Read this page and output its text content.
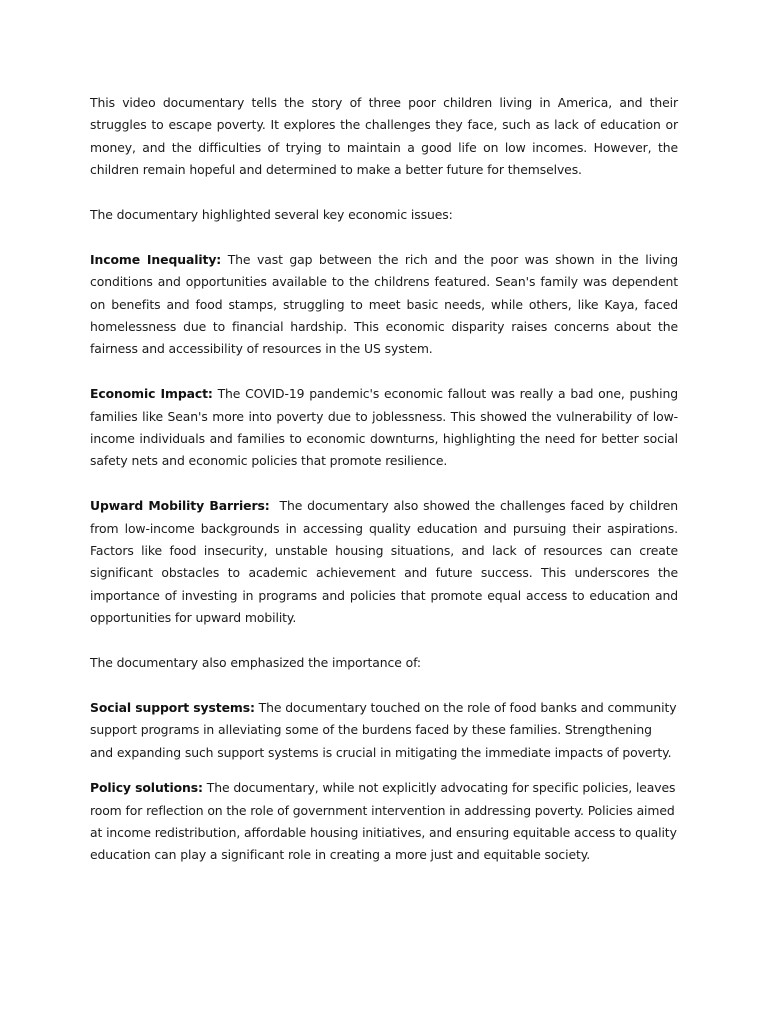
This video documentary tells the story of three poor children living in America, and their struggles to escape poverty. It explores the challenges they face, such as lack of education or money, and the difficulties of trying to maintain a good life on low incomes. However, the children remain hopeful and determined to make a better future for themselves.

The documentary highlighted several key economic issues:

Income Inequality: The vast gap between the rich and the poor was shown in the living conditions and opportunities available to the childrens featured. Sean's family was dependent on benefits and food stamps, struggling to meet basic needs, while others, like Kaya, faced homelessness due to financial hardship. This economic disparity raises concerns about the fairness and accessibility of resources in the US system.

Economic Impact: The COVID-19 pandemic's economic fallout was really a bad one, pushing families like Sean's more into poverty due to joblessness. This showed the vulnerability of low-income individuals and families to economic downturns, highlighting the need for better social safety nets and economic policies that promote resilience.

Upward Mobility Barriers:  The documentary also showed the challenges faced by children from low-income backgrounds in accessing quality education and pursuing their aspirations. Factors like food insecurity, unstable housing situations, and lack of resources can create significant obstacles to academic achievement and future success. This underscores the importance of investing in programs and policies that promote equal access to education and opportunities for upward mobility.

The documentary also emphasized the importance of:

Social support systems: The documentary touched on the role of food banks and community support programs in alleviating some of the burdens faced by these families. Strengthening and expanding such support systems is crucial in mitigating the immediate impacts of poverty.

Policy solutions: The documentary, while not explicitly advocating for specific policies, leaves room for reflection on the role of government intervention in addressing poverty. Policies aimed at income redistribution, affordable housing initiatives, and ensuring equitable access to quality education can play a significant role in creating a more just and equitable society.
